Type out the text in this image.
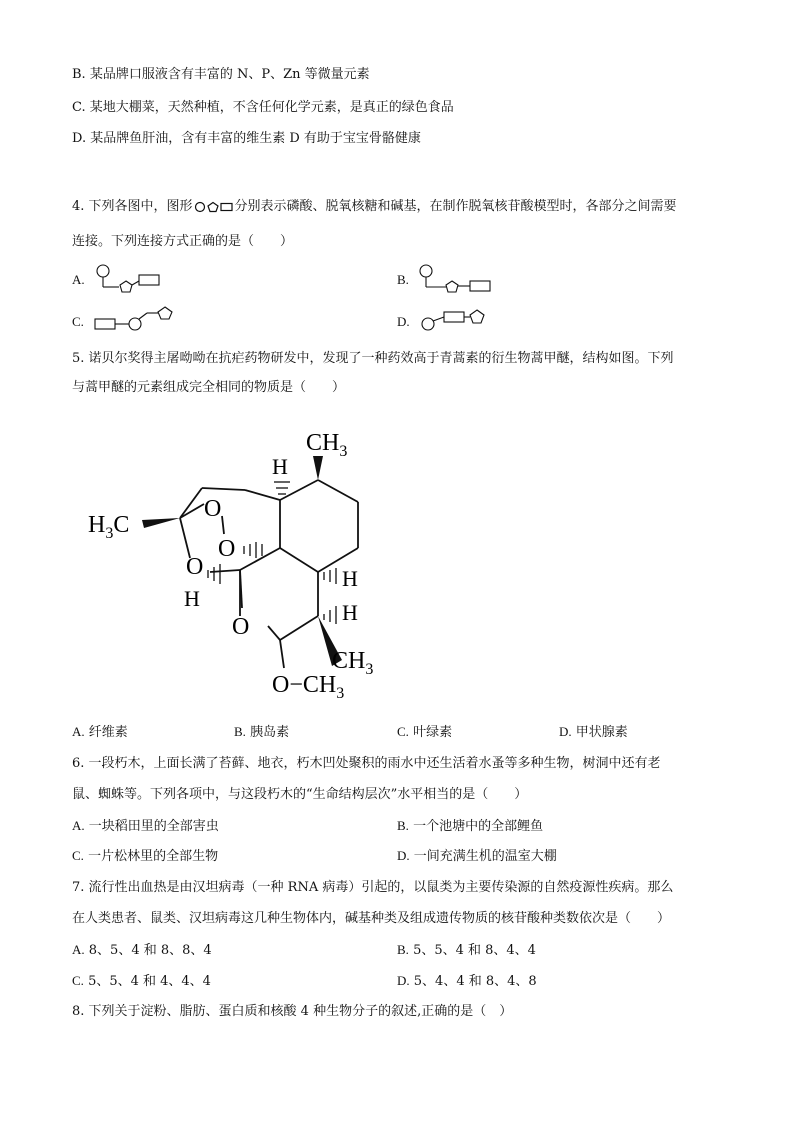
B. 某品牌口服液含有丰富的 N、P、Zn 等微量元素
C. 某地大棚菜，天然种植，不含任何化学元素，是真正的绿色食品
D. 某品牌鱼肝油，含有丰富的维生素 D 有助于宝宝骨骼健康
4. 下列各图中，图形	分别表示磷酸、脱氧核糖和碱基，在制作脱氧核苷酸模型时，各部分之间需要
连接。下列连接方式正确的是（　　）
A.	B.
C.	D.
5. 诺贝尔奖得主屠呦呦在抗疟药物研发中，发现了一种药效高于青蒿素的衍生物蒿甲醚，结构如图。下列
与蒿甲醚的元素组成完全相同的物质是（　　）
$CH_3$
H
$H_3C$
O
O
O
H
H
H
O
$CH_3$
$O-CH_3$
A. 纤维素	B. 胰岛素	C. 叶绿素	D. 甲状腺素
6. 一段朽木，上面长满了苔藓、地衣，朽木凹处聚积的雨水中还生活着水蚤等多种生物，树洞中还有老
鼠、蜘蛛等。下列各项中，与这段朽木的“生命结构层次”水平相当的是（　　）
A. 一块稻田里的全部害虫	B. 一个池塘中的全部鲤鱼
C. 一片松林里的全部生物	D. 一间充满生机的温室大棚
7. 流行性出血热是由汉坦病毒（一种 RNA 病毒）引起的，以鼠类为主要传染源的自然疫源性疾病。那么
在人类患者、鼠类、汉坦病毒这几种生物体内，碱基种类及组成遗传物质的核苷酸种类数依次是（　　）
A. 8、5、4 和 8、8、4	B. 5、5、4 和 8、4、4
C. 5、5、4 和 4、4、4	D. 5、4、4 和 8、4、8
8. 下列关于淀粉、脂肪、蛋白质和核酸 4 种生物分子的叙述,正确的是（　）
